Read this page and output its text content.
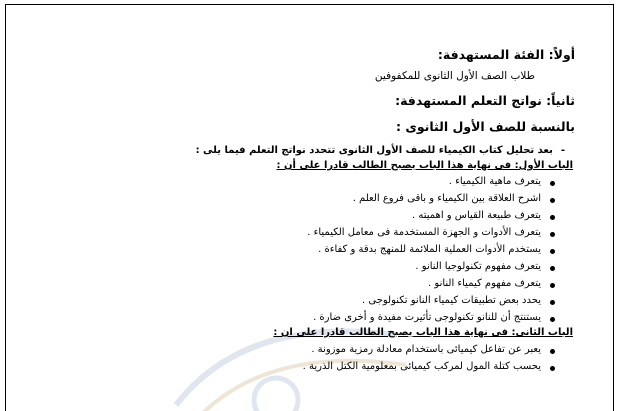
أولاً: الفئة المستهدفة:
طلاب الصف الأول الثانوى للمكفوفين
ثانياً: نواتج التعلم المستهدفة:
بالنسبة للصف الأول الثانوى :
-بعد تحليل كتاب الكيمياء للصف الأول الثانوى تتحدد نواتج التعلم فيما يلى :
الباب الأول: فى نهاية هذا الباب يصبح الطالب قادرا على أن :
يتعرف ماهية الكيمياء .
اشرح العلاقة بين الكيمياء و باقى فروع العلم .
يتعرف طبيعة القياس و اهميته .
يتعرف الأدوات و الجهزة المستخدمة فى معامل الكيمياء .
يستخدم الأدوات العملية الملائمة للمنهج بدقة و كفاءة .
يتعرف مفهوم تكنولوجيا النانو .
يتعرف مفهوم كيمياء النانو .
يحدد بعض تطبيقات كيمياء النانو تكنولوجى .
يستنتج أن للنانو تكنولوجى تأثيرت مفيدة و أخرى ضارة .
الباب الثانى: فى نهاية هذا الباب يصبح الطالب قادرا على ان :
يعبر عن تفاعل كيميائى باستخدام معادلة رمزية موزونة .
يحسب كتلة المول لمركب كيميائى بمعلومية الكتل الذرية .
